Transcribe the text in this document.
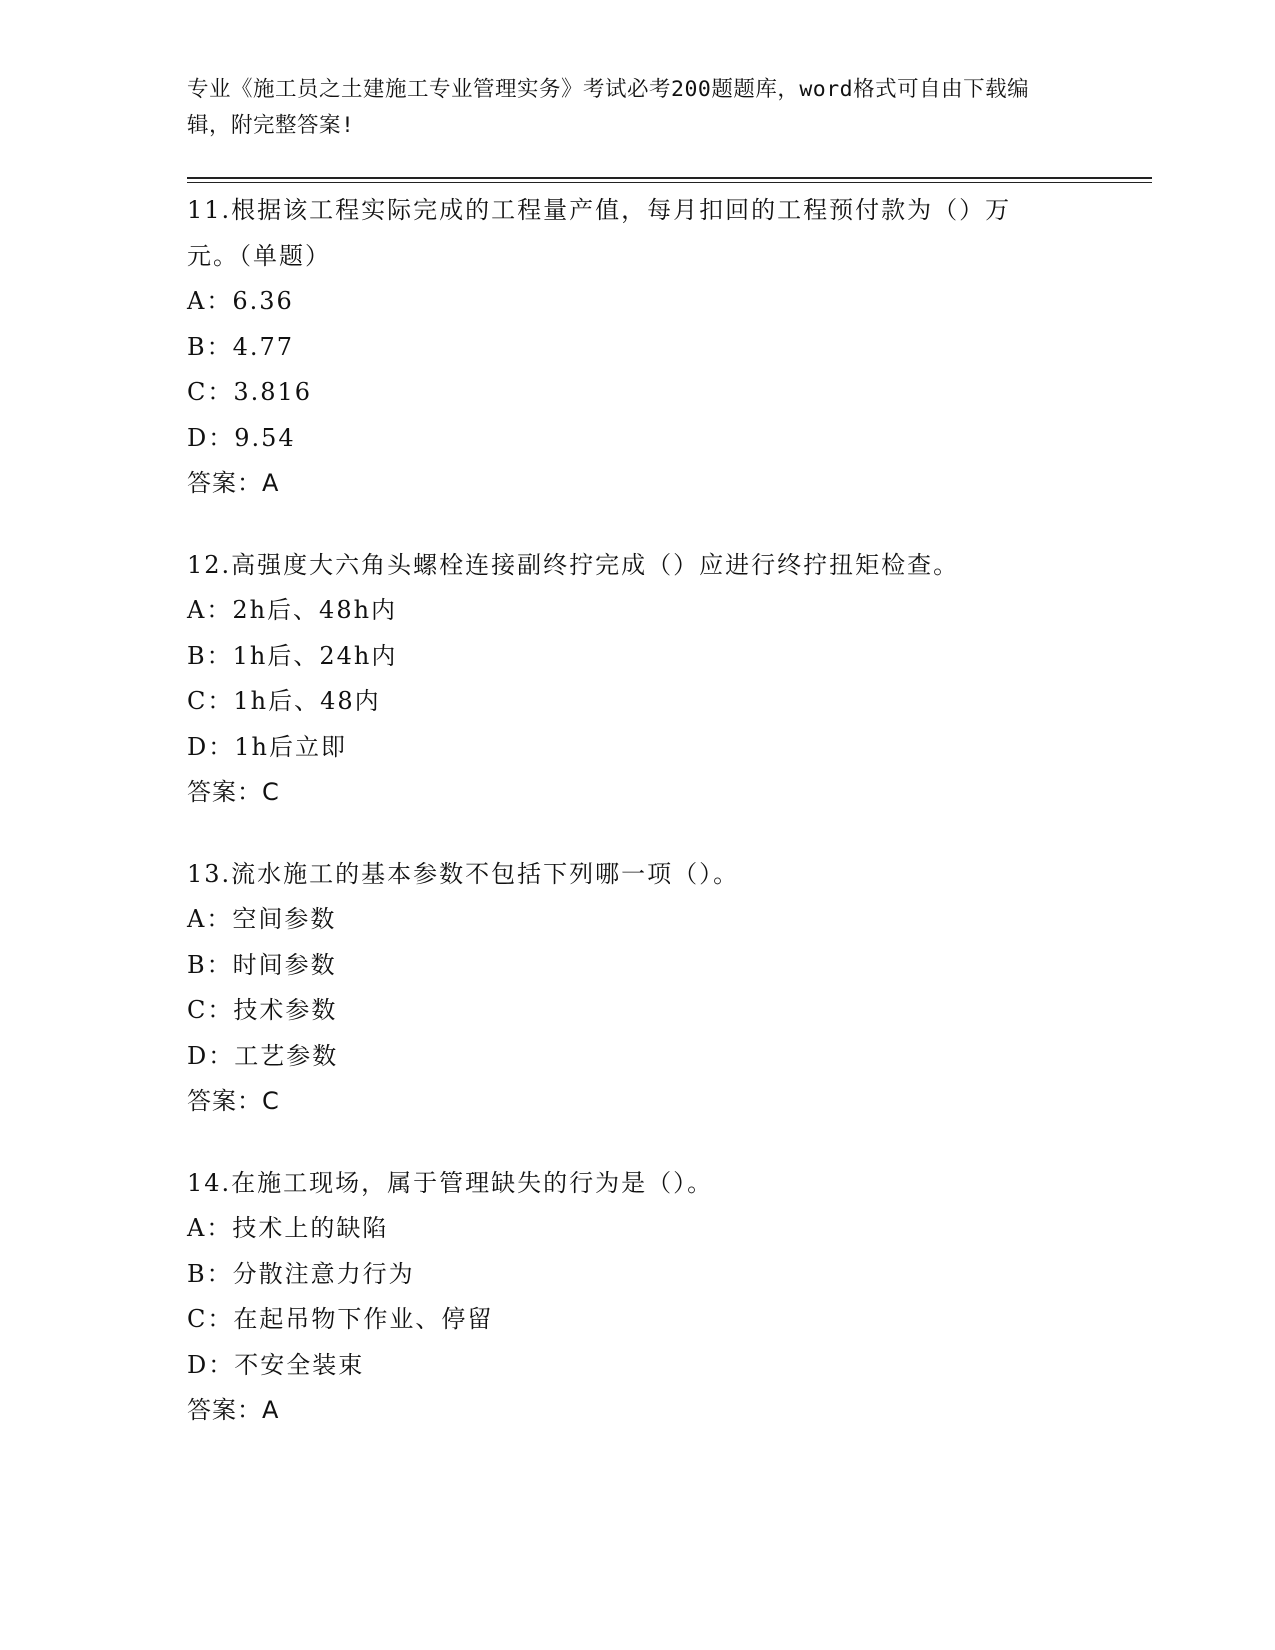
专业《施工员之土建施工专业管理实务》考试必考200题题库，word格式可自由下载编辑，附完整答案!
11.根据该工程实际完成的工程量产值，每月扣回的工程预付款为（）万元。（单题）
A：6.36
B：4.77
C：3.816
D：9.54
答案：A
12.高强度大六角头螺栓连接副终拧完成（）应进行终拧扭矩检查。
A：2h后、48h内
B：1h后、24h内
C：1h后、48内
D：1h后立即
答案：C
13.流水施工的基本参数不包括下列哪一项（）。
A：空间参数
B：时间参数
C：技术参数
D：工艺参数
答案：C
14.在施工现场，属于管理缺失的行为是（）。
A：技术上的缺陷
B：分散注意力行为
C：在起吊物下作业、停留
D：不安全装束
答案：A
